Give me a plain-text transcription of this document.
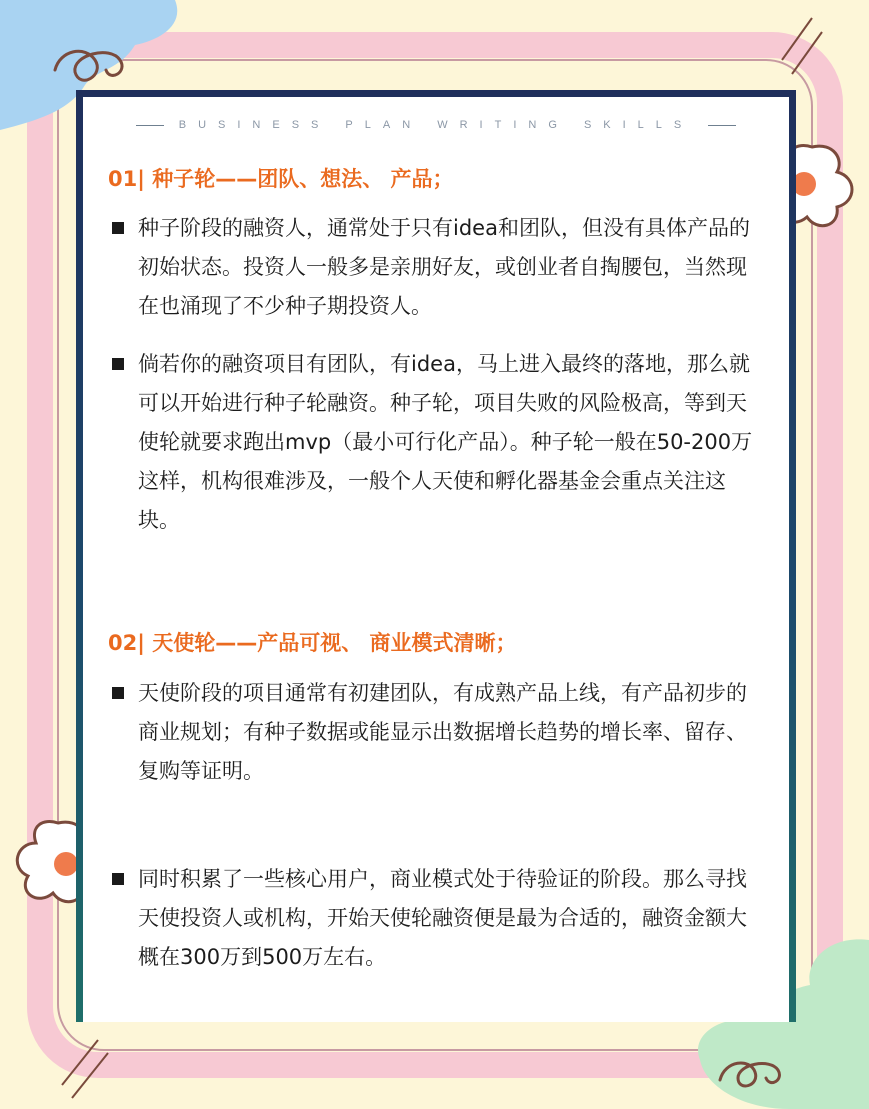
BUSINESS PLAN WRITING SKILLS
01| 种子轮——团队、想法、 产品；
种子阶段的融资人，通常处于只有idea和团队，但没有具体产品的初始状态。投资人一般多是亲朋好友，或创业者自掏腰包，当然现在也涌现了不少种子期投资人。
倘若你的融资项目有团队，有idea，马上进入最终的落地，那么就可以开始进行种子轮融资。种子轮，项目失败的风险极高，等到天使轮就要求跑出mvp（最小可行化产品）。种子轮一般在50-200万这样，机构很难涉及，一般个人天使和孵化器基金会重点关注这块。
02| 天使轮——产品可视、 商业模式清晰；
天使阶段的项目通常有初建团队，有成熟产品上线，有产品初步的商业规划；有种子数据或能显示出数据增长趋势的增长率、留存、复购等证明。
同时积累了一些核心用户，商业模式处于待验证的阶段。那么寻找天使投资人或机构，开始天使轮融资便是最为合适的，融资金额大概在300万到500万左右。
